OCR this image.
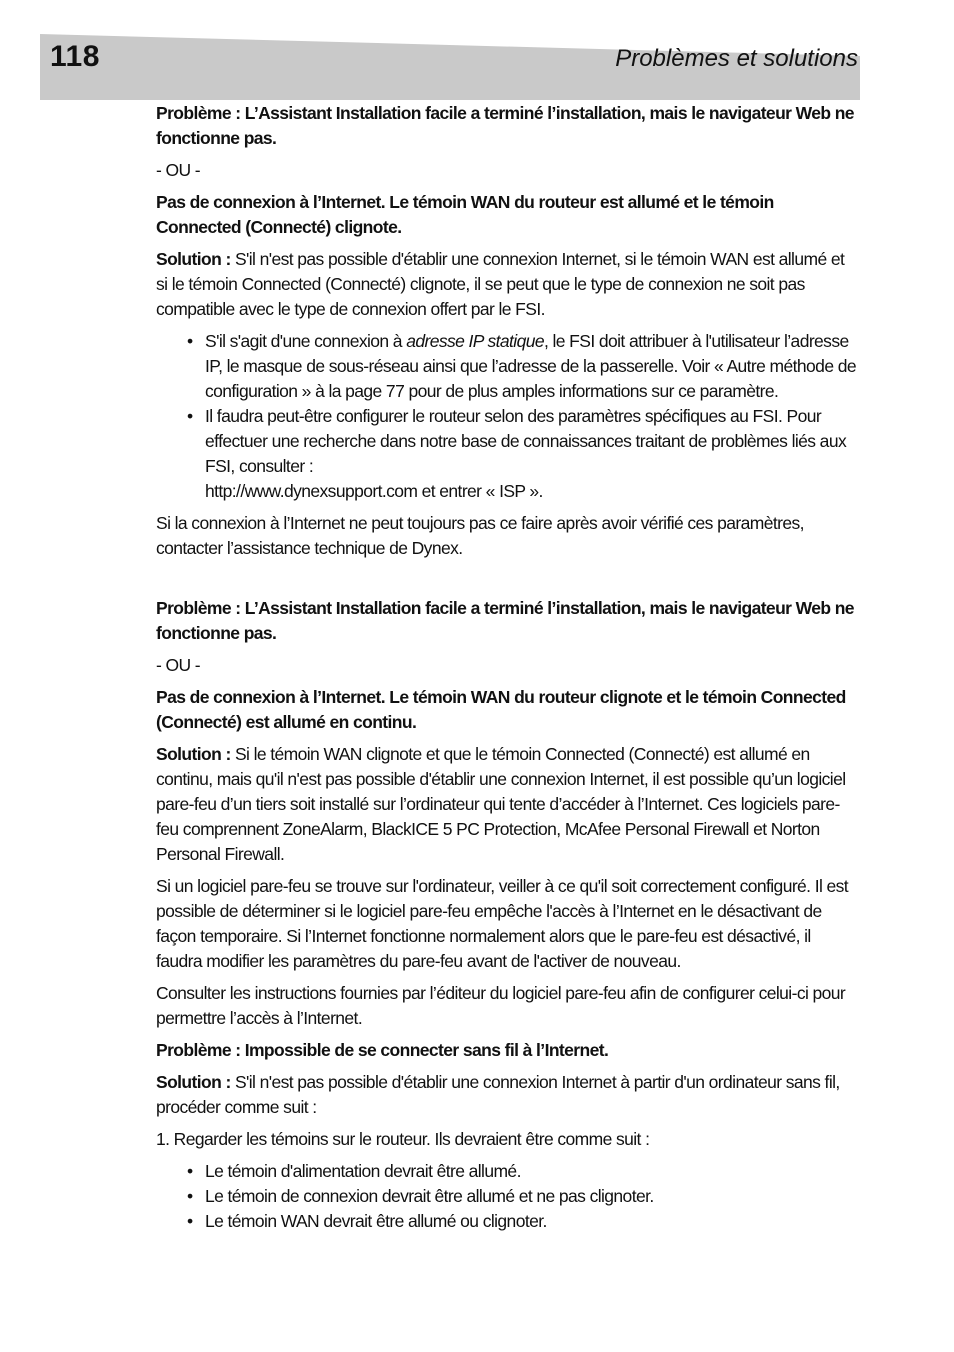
118	Problèmes et solutions

Problème : L’Assistant Installation facile a terminé l’installation, mais le navigateur Web ne fonctionne pas.

- OU -

Pas de connexion à l’Internet. Le témoin WAN du routeur est allumé et le témoin Connected (Connecté) clignote.

Solution : S'il n'est pas possible d'établir une connexion Internet, si le témoin WAN est allumé et si le témoin Connected (Connecté) clignote, il se peut que le type de connexion ne soit pas compatible avec le type de connexion offert par le FSI.

• S'il s'agit d'une connexion à adresse IP statique, le FSI doit attribuer à l'utilisateur l’adresse IP, le masque de sous-réseau ainsi que l’adresse de la passerelle. Voir « Autre méthode de configuration » à la page 77 pour de plus amples informations sur ce paramètre.
• Il faudra peut-être configurer le routeur selon des paramètres spécifiques au FSI. Pour effectuer une recherche dans notre base de connaissances traitant de problèmes liés aux FSI, consulter :
http://www.dynexsupport.com et entrer « ISP ».

Si la connexion à l’Internet ne peut toujours pas ce faire après avoir vérifié ces paramètres, contacter l’assistance technique de Dynex.

Problème : L’Assistant Installation facile a terminé l’installation, mais le navigateur Web ne fonctionne pas.

- OU -

Pas de connexion à l’Internet. Le témoin WAN du routeur clignote et le témoin Connected (Connecté) est allumé en continu.

Solution : Si le témoin WAN clignote et que le témoin Connected (Connecté) est allumé en continu, mais qu'il n'est pas possible d'établir une connexion Internet, il est possible qu’un logiciel pare-feu d’un tiers soit installé sur l’ordinateur qui tente d’accéder à l’Internet. Ces logiciels pare-feu comprennent ZoneAlarm, BlackICE 5 PC Protection, McAfee Personal Firewall et Norton Personal Firewall.

Si un logiciel pare-feu se trouve sur l'ordinateur, veiller à ce qu'il soit correctement configuré. Il est possible de déterminer si le logiciel pare-feu empêche l'accès à l’Internet en le désactivant de façon temporaire. Si l’Internet fonctionne normalement alors que le pare-feu est désactivé, il faudra modifier les paramètres du pare-feu avant de l'activer de nouveau.

Consulter les instructions fournies par l’éditeur du logiciel pare-feu afin de configurer celui-ci pour permettre l’accès à l’Internet.

Problème : Impossible de se connecter sans fil à l’Internet.

Solution : S'il n'est pas possible d'établir une connexion Internet à partir d'un ordinateur sans fil, procéder comme suit :

1. Regarder les témoins sur le routeur. Ils devraient être comme suit :

• Le témoin d'alimentation devrait être allumé.
• Le témoin de connexion devrait être allumé et ne pas clignoter.
• Le témoin WAN devrait être allumé ou clignoter.
